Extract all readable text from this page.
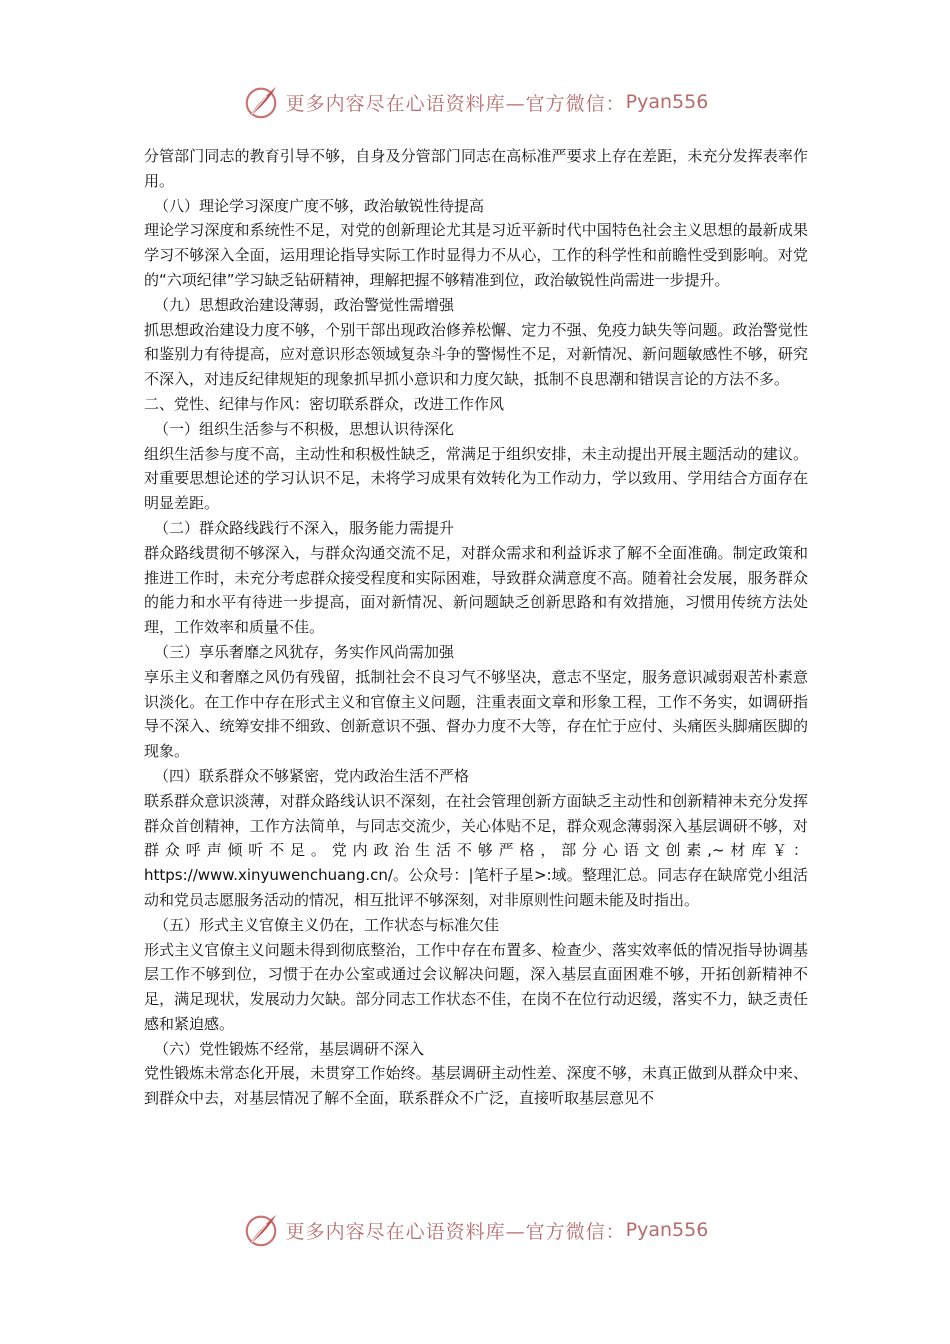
更多内容尽在心语资料库—官方微信： Pyan556

分管部门同志的教育引导不够，自身及分管部门同志在高标准严要求上存在差距，未充分发挥表率作用。

（八）理论学习深度广度不够，政治敏锐性待提高

理论学习深度和系统性不足，对党的创新理论尤其是习近平新时代中国特色社会主义思想的最新成果学习不够深入全面，运用理论指导实际工作时显得力不从心，工作的科学性和前瞻性受到影响。对党的“六项纪律”学习缺乏钻研精神，理解把握不够精准到位，政治敏锐性尚需进一步提升。

（九）思想政治建设薄弱，政治警觉性需增强

抓思想政治建设力度不够，个别干部出现政治修养松懈、定力不强、免疫力缺失等问题。政治警觉性和鉴别力有待提高，应对意识形态领域复杂斗争的警惕性不足，对新情况、新问题敏感性不够，研究不深入，对违反纪律规矩的现象抓早抓小意识和力度欠缺，抵制不良思潮和错误言论的方法不多。

二、党性、纪律与作风：密切联系群众，改进工作作风

（一）组织生活参与不积极，思想认识待深化

组织生活参与度不高，主动性和积极性缺乏，常满足于组织安排，未主动提出开展主题活动的建议。对重要思想论述的学习认识不足，未将学习成果有效转化为工作动力，学以致用、学用结合方面存在明显差距。

（二）群众路线践行不深入，服务能力需提升

群众路线贯彻不够深入，与群众沟通交流不足，对群众需求和利益诉求了解不全面准确。制定政策和推进工作时，未充分考虑群众接受程度和实际困难，导致群众满意度不高。随着社会发展，服务群众的能力和水平有待进一步提高，面对新情况、新问题缺乏创新思路和有效措施，习惯用传统方法处理，工作效率和质量不佳。

（三）享乐奢靡之风犹存，务实作风尚需加强

享乐主义和奢靡之风仍有残留，抵制社会不良习气不够坚决，意志不坚定，服务意识减弱艰苦朴素意识淡化。在工作中存在形式主义和官僚主义问题，注重表面文章和形象工程，工作不务实，如调研指导不深入、统筹安排不细致、创新意识不强、督办力度不大等，存在忙于应付、头痛医头脚痛医脚的现象。

（四）联系群众不够紧密，党内政治生活不严格

联系群众意识淡薄，对群众路线认识不深刻，在社会管理创新方面缺乏主动性和创新精神未充分发挥群众首创精神，工作方法简单，与同志交流少，关心体贴不足，群众观念薄弱深入基层调研不够，对群众呼声倾听不足。党内政治生活不够严格，部分心语文创素,~材库￥：https://www.xinyuwenchuang.cn/。公众号：|笔杆子星>:域。整理汇总。同志存在缺席党小组活动和党员志愿服务活动的情况，相互批评不够深刻，对非原则性问题未能及时指出。

（五）形式主义官僚主义仍在，工作状态与标准欠佳

形式主义官僚主义问题未得到彻底整治，工作中存在布置多、检查少、落实效率低的情况指导协调基层工作不够到位，习惯于在办公室或通过会议解决问题，深入基层直面困难不够，开拓创新精神不足，满足现状，发展动力欠缺。部分同志工作状态不佳，在岗不在位行动迟缓，落实不力，缺乏责任感和紧迫感。

（六）党性锻炼不经常，基层调研不深入

党性锻炼未常态化开展，未贯穿工作始终。基层调研主动性差、深度不够，未真正做到从群众中来、到群众中去，对基层情况了解不全面，联系群众不广泛，直接听取基层意见不

更多内容尽在心语资料库—官方微信： Pyan556
